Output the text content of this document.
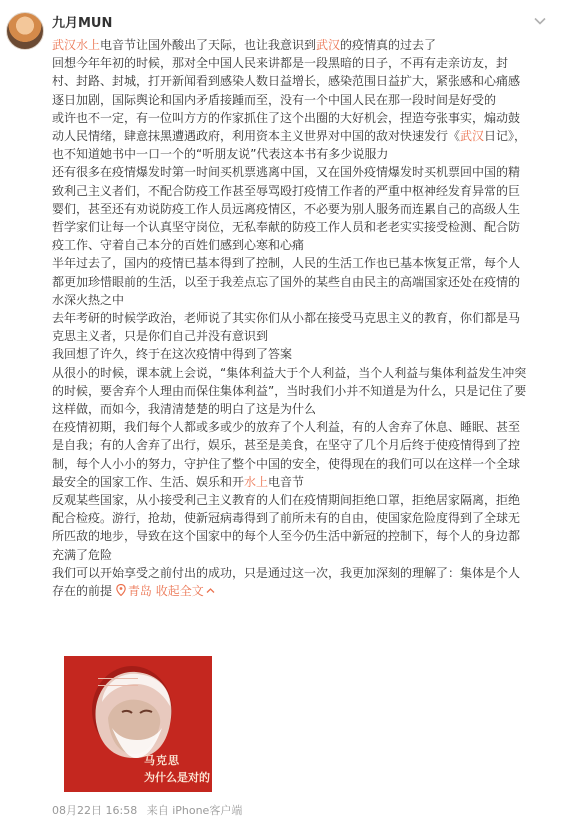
九月MUN

武汉水上电音节让国外酸出了天际，也让我意识到武汉的疫情真的过去了

回想今年年初的时候，那对全中国人民来讲都是一段黑暗的日子，不再有走亲访友，封村、封路、封城，打开新闻看到感染人数日益增长，感染范围日益扩大，紧张感和心痛感逐日加剧，国际舆论和国内矛盾接踵而至，没有一个中国人民在那一段时间是好受的

或许也不一定，有一位叫方方的作家抓住了这个出圈的大好机会，捏造夸张事实，煽动鼓动人民情绪，肆意抹黑遭遇政府，利用资本主义世界对中国的敌对快速发行《武汉日记》，也不知道她书中一口一个的“听朋友说”代表这本书有多少说服力

还有很多在疫情爆发时第一时间买机票逃离中国，又在国外疫情爆发时买机票回中国的精致利己主义者们，不配合防疫工作甚至辱骂殴打疫情工作者的严重中枢神经发育异常的巨婴们，甚至还有劝说防疫工作人员远离疫情区，不必要为别人服务而连累自己的高级人生哲学家们让每一个认真坚守岗位，无私奉献的防疫工作人员和老老实实接受检测、配合防疫工作、守着自己本分的百姓们感到心寒和心痛

半年过去了，国内的疫情已基本得到了控制，人民的生活工作也已基本恢复正常，每个人都更加珍惜眼前的生活，以至于我差点忘了国外的某些自由民主的高端国家还处在疫情的水深火热之中

去年考研的时候学政治，老师说了其实你们从小都在接受马克思主义的教育，你们都是马克思主义者，只是你们自己并没有意识到

我回想了许久，终于在这次疫情中得到了答案

从很小的时候，课本就上会说，“集体利益大于个人利益，当个人利益与集体利益发生冲突的时候，要舍弃个人理由而保住集体利益”，当时我们小并不知道是为什么，只是记住了要这样做，而如今，我清清楚楚的明白了这是为什么

在疫情初期，我们每个人都或多或少的放弃了个人利益，有的人舍弃了休息、睡眠、甚至是自我；有的人舍弃了出行，娱乐，甚至是美食，在坚守了几个月后终于使疫情得到了控制，每个人小小的努力，守护住了整个中国的安全，使得现在的我们可以在这样一个全球最安全的国家工作、生活、娱乐和开水上电音节

反观某些国家，从小接受利己主义教育的人们在疫情期间拒绝口罩，拒绝居家隔离，拒绝配合检疫。游行，抢劫，使新冠病毒得到了前所未有的自由，使国家危险度得到了全球无所匹敌的地步，导致在这个国家中的每个人至今仍生活中新冠的控制下，每个人的身边都充满了危险

我们可以开始享受之前付出的成功，只是通过这一次，我更加深刻的理解了：集体是个人存在的前提 青岛 收起全文

马克思
为什么是对的
08月22日 16:58 来自 iPhone客户端
